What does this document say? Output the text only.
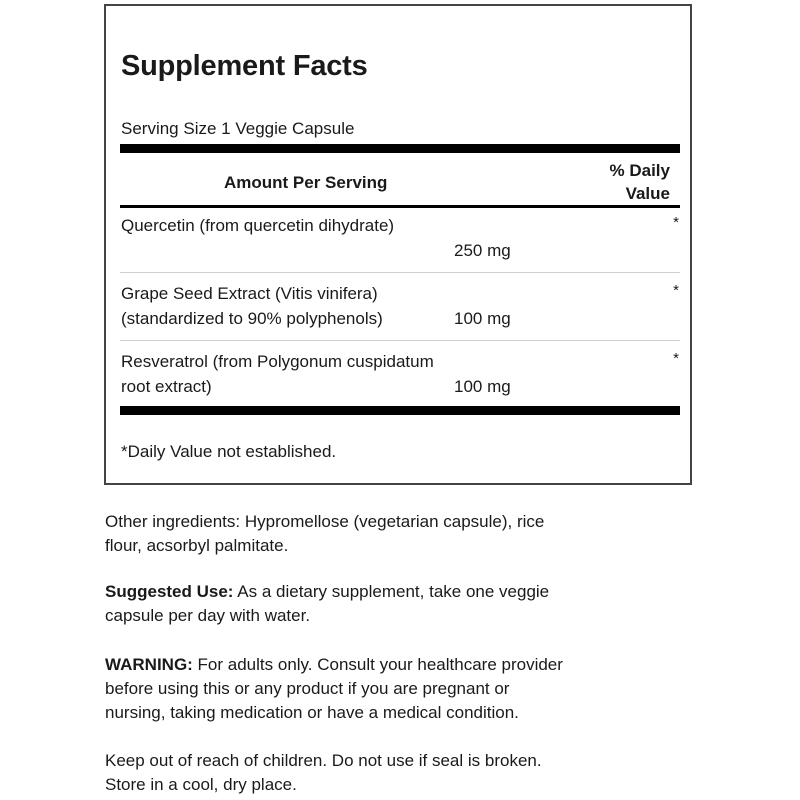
Supplement Facts
Serving Size 1 Veggie Capsule
Amount Per Serving
% Daily
Value
Quercetin (from quercetin dihydrate)
250 mg
*
Grape Seed Extract (Vitis vinifera)
(standardized to 90% polyphenols)	100 mg
*
Resveratrol (from Polygonum cuspidatum
root extract)	100 mg
*
*Daily Value not established.
Other ingredients: Hypromellose (vegetarian capsule), rice
flour, acsorbyl palmitate.
Suggested Use: As a dietary supplement, take one veggie
capsule per day with water.
WARNING: For adults only. Consult your healthcare provider
before using this or any product if you are pregnant or
nursing, taking medication or have a medical condition.
Keep out of reach of children. Do not use if seal is broken.
Store in a cool, dry place.
